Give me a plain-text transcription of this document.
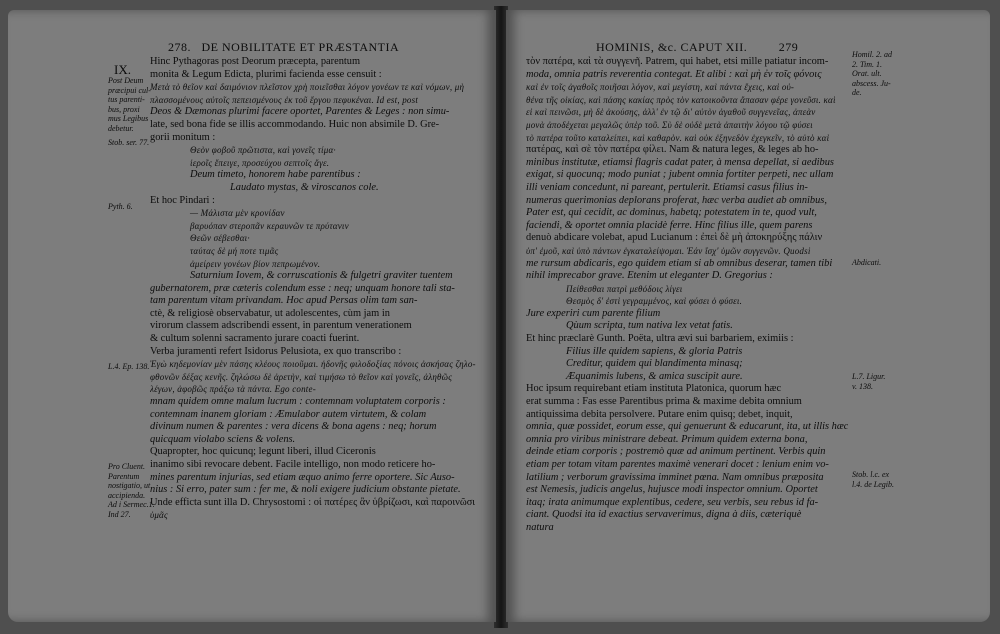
278. DE NOBILITATE ET PRÆSTANTIA
IX.
Hinc Pythagoras post Deorum præcepta, parentum
monita & Legum Edicta, plurimi facienda esse censuit :
Μετὰ τὸ θεῖον καὶ δαιμόνιον πλεῖστον χρὴ ποιεῖσθαι λόγον γονέων τε καὶ νόμων, μὴ
πλασσομένους αὐτοῖς πεπεισμένους ἐκ τοῦ ἔργου πεφυκέναι. Id est, post
Deos & Dæmonas plurimi facere oportet, Parentes & Leges : non simu-
late, sed bona fide se illis accommodando. Huic non absimile D. Gre-
gorii monitum :
Θεὸν φοβοῦ πρῶτιστα, καὶ γονεῖς τίμα·
ἱεροῖς ἔπειγε, προσεύχου σεπτοῖς ἄγε.
Deum timeto, honorem habe parentibus :
Laudato mystas, & viroscanos cole.
Et hoc Pindari :
— Μάλιστα μὲν κρονίδαν
βαρυόπαν στεροπᾶν κεραυνῶν τε πρύτανιν
Θεῶν σέβεσθαι·
ταύτας δὲ μή ποτε τιμᾶς
ἀμείρειν γονέων βίον πεπρωμένον.
Saturnium Iovem, & corruscationis & fulgetri graviter tuentem
gubernatorem, præ cæteris colendum esse : neq; unquam honore tali sta-
tam parentum vitam privandam. Hoc apud Persas olim tam san-
ctè, & religiosè observabatur, ut adolescentes, cùm jam in
virorum classem adscribendi essent, in parentum venerationem
& cultum solenni sacramento jurare coacti fuerint.
Verba juramenti refert Isidorus Pelusiota, ex quo transcribo :
Ἐγὼ κηδεμονίαν μὲν πάσης κλέους ποιοῦμαι. ἡδονῆς φιλοδοξίας πόνοις ἀσκήσας ζηλο-
φθονῶν δέξας κενῆς. ζηλώσω δὲ ἀρετὴν, καὶ τιμήσω τὸ θεῖον καὶ γονεῖς, ἀληθῶς
λέγων, ἀφοβῶς πράξω τὰ πάντα. Ego conte-
mnam quidem omne malum lucrum : contemnam voluptatem corporis :
contemnam inanem gloriam : Æmulabor autem virtutem, & colam
divinum numen & parentes : vera dicens & bona agens : neq; horum
quicquam violabo sciens & volens.
Quapropter, hoc quicunq; legunt liberi, illud Ciceronis
inanimo sibi revocare debent. Facile intelligo, non modo reticere ho-
mines parentum injurias, sed etiam æquo animo ferre oportere. Sic Auso-
nius : Si erro, pater sum : fer me, & noli exigere judicium obstante pietate.
Unde efficta sunt illa D. Chrysostomi : οἱ πατέρες ἂν ὑβρίζωσι, καὶ παροινῶσι
ὑμᾶς
Post Deum
præcipui cul-
tus parenti-
bus, proxi
mus Legibus
debetur.
Stob. ser. 77.
Pyth. 6.
L.4. Ep. 138.
Pro Cluent.
Parentum
nostigatio, ut
accipienda.
Ad i Sermec.1.
Ind 27.
HOMINIS, &c. CAPUT XII.	279
τὸν πατέρα, καὶ τὰ συγγενῆ. Patrem, qui habet, etsi mille patiatur incom-
moda, omnia patris reverentia contegat. Et alibi : καὶ μὴ ἐν τοῖς φόνοις
καὶ ἐν τοῖς ἀγαθοῖς ποιῆσαι λόγον, καὶ μεγίστη, καὶ πάντα ἔχεις, καὶ οὐ-
θένα τῆς οἰκίας, καὶ πάσης κακίας πρὸς τὸν κατοικοῦντα ἄπασαν φέρε γονεῦσι. καὶ
εἰ καὶ πεινῶσι, μὴ δὲ ἀκούσης, ἀλλ' ἐν τῷ δι' αὐτὸν ἀγαθοῦ συγγενεῖας, ἀπεὰν
μονὰ ἀποδέχεται μεγαλῶς ὑπὲρ τοῦ. Σὺ δὲ οὐδὲ μετὰ ἀπαιτὴν λόγου τῷ φύσει
τὸ πατέρα τοῦτο καταλείπει, καὶ καθαρὸν. καὶ οὐκ ἐξηνεδὸν ἐχεγκεῖν, τὸ αὐτὸ καὶ
πατέρας, καὶ σὲ τὸν πατέρα φίλει. Nam & natura leges, & leges ab ho-
minibus institutæ, etiamsi flagris cadat pater, à mensa depellat, si aedibus
exigat, si quocunq; modo puniat ; jubent omnia fortiter perpeti, nec ullam
illi veniam concedunt, ni pareant, pertulerit. Etiamsi casus filius in-
numeras querimonias deplorans proferat, hæc verba audiet ab omnibus,
Pater est, qui cecidit, ac dominus, habetq; potestatem in te, quod vult,
faciendi, & oportet omnia placidè ferre. Hinc filius ille, quem parens
denuò abdicare volebat, apud Lucianum : ἐπεὶ δὲ μὴ ἀποκηρύξης πάλιν
ὑπ' ἐμοῦ, καὶ ὑπὸ πάντων ἐγκαταλείψομαι. Ἐάν ἴσχ' ὑμῶν συγγενῶν. Quodsi
me rursum abdicaris, ego quidem etiam si ab omnibus deserar, tamen tibi
nihil imprecabor grave. Etenim ut eleganter D. Gregorius :
Πείθεσθαι πατρὶ μεθόδοις λίγει
Θεσμὸς δ' ἐστὶ γεγραμμένος, καὶ φύσει ὁ φύσει.
Jure experiri cum parente filium
Qùum scripta, tum nativa lex vetat fatis.
Et hinc præclarè Gunth. Poëta, ultra ævi sui barbariem, eximiis :
Filius ille quidem sapiens, & gloria Patris
Creditur, quidem qui blandimenta minasq;
Æquanimis lubens, & amica suscipit aure.
Hoc ipsum requirebant etiam instituta Platonica, quorum hæc
erat summa : Fas esse Parentibus prima & maxime debita omnium
antiquissima debita persolvere. Putare enim quisq; debet, inquit,
omnia, quæ possidet, eorum esse, qui genuerunt & educarunt, ita, ut illis hæc
omnia pro viribus ministrare debeat. Primum quidem externa bona,
deinde etiam corporis ; postremò quæ ad animum pertinent. Verbis quin
etiam per totam vitam parentes maximè venerari docet : lenium enim vo-
latilium ; verborum gravissima imminet pœna. Nam omnibus præposita
est Nemesis, judicis angelus, hujusce modi inspector omnium. Oportet
itaq; irata animumque explentibus, cedere, seu verbis, seu rebus id fa-
ciant. Quodsi ita id exactius servaverimus, digna à diis, cæteriquè
natura
Homil. 2. ad
2. Tim. 1.
Orat. ult.
abscess. Ju-
de.
Abdicati.
L.7. Ligur.
v. 138.
Stob. l.c. ex
l.4. de Legib.
